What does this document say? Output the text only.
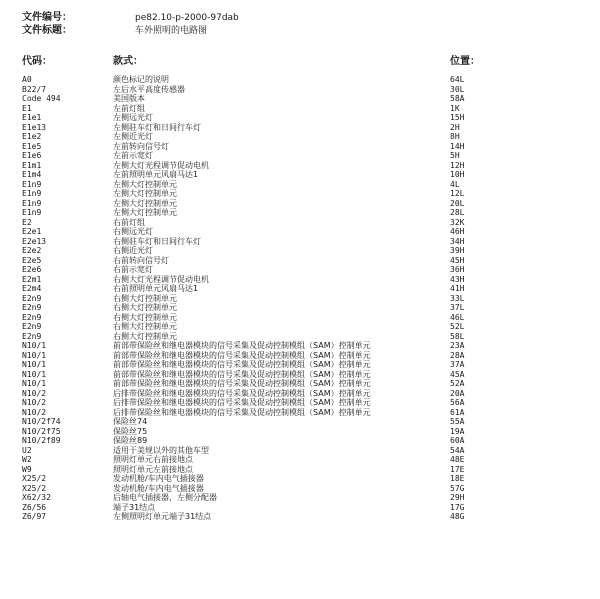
文件编号：	pe82.10-p-2000-97dab
文件标题：	车外照明的电路图
代码：	款式：	位置：
A0	颜色标记的说明	64L
B22/7	左后水平高度传感器	30L
Code 494	美国版本	58A
E1	左前灯组	1K
E1e1	左侧远光灯	15H
E1e13	左侧驻车灯和日间行车灯	2H
E1e2	左侧近光灯	8H
E1e5	左前转向信号灯	14H
E1e6	左前示宽灯	5H
E1m1	左侧大灯光程调节促动电机	12H
E1m4	左前照明单元风扇马达1	10H
E1n9	左侧大灯控制单元	4L
E1n9	左侧大灯控制单元	12L
E1n9	左侧大灯控制单元	20L
E1n9	左侧大灯控制单元	28L
E2	右前灯组	32K
E2e1	右侧远光灯	46H
E2e13	右侧驻车灯和日间行车灯	34H
E2e2	右侧近光灯	39H
E2e5	右前转向信号灯	45H
E2e6	右前示宽灯	36H
E2m1	右侧大灯光程调节促动电机	43H
E2m4	右前照明单元风扇马达1	41H
E2n9	右侧大灯控制单元	33L
E2n9	右侧大灯控制单元	37L
E2n9	右侧大灯控制单元	46L
E2n9	右侧大灯控制单元	52L
E2n9	右侧大灯控制单元	58L
N10/1	前部带保险丝和继电器模块的信号采集及促动控制模组（SAM）控制单元	23A
N10/1	前部带保险丝和继电器模块的信号采集及促动控制模组（SAM）控制单元	28A
N10/1	前部带保险丝和继电器模块的信号采集及促动控制模组（SAM）控制单元	37A
N10/1	前部带保险丝和继电器模块的信号采集及促动控制模组（SAM）控制单元	45A
N10/1	前部带保险丝和继电器模块的信号采集及促动控制模组（SAM）控制单元	52A
N10/2	后排带保险丝和继电器模块的信号采集及促动控制模组（SAM）控制单元	20A
N10/2	后排带保险丝和继电器模块的信号采集及促动控制模组（SAM）控制单元	56A
N10/2	后排带保险丝和继电器模块的信号采集及促动控制模组（SAM）控制单元	61A
N10/2f74	保险丝74	55A
N10/2f75	保险丝75	19A
N10/2f89	保险丝89	60A
U2	适用于美规以外的其他车型	54A
W2	照明灯单元右前接地点	48E
W9	照明灯单元左前接地点	17E
X25/2	发动机舱/车内电气插接器	18E
X25/2	发动机舱/车内电气插接器	57G
X62/32	后轴电气插接器，左侧分配器	29H
Z6/56	端子31结点	17G
Z6/97	左侧照明灯单元端子31结点	48G
